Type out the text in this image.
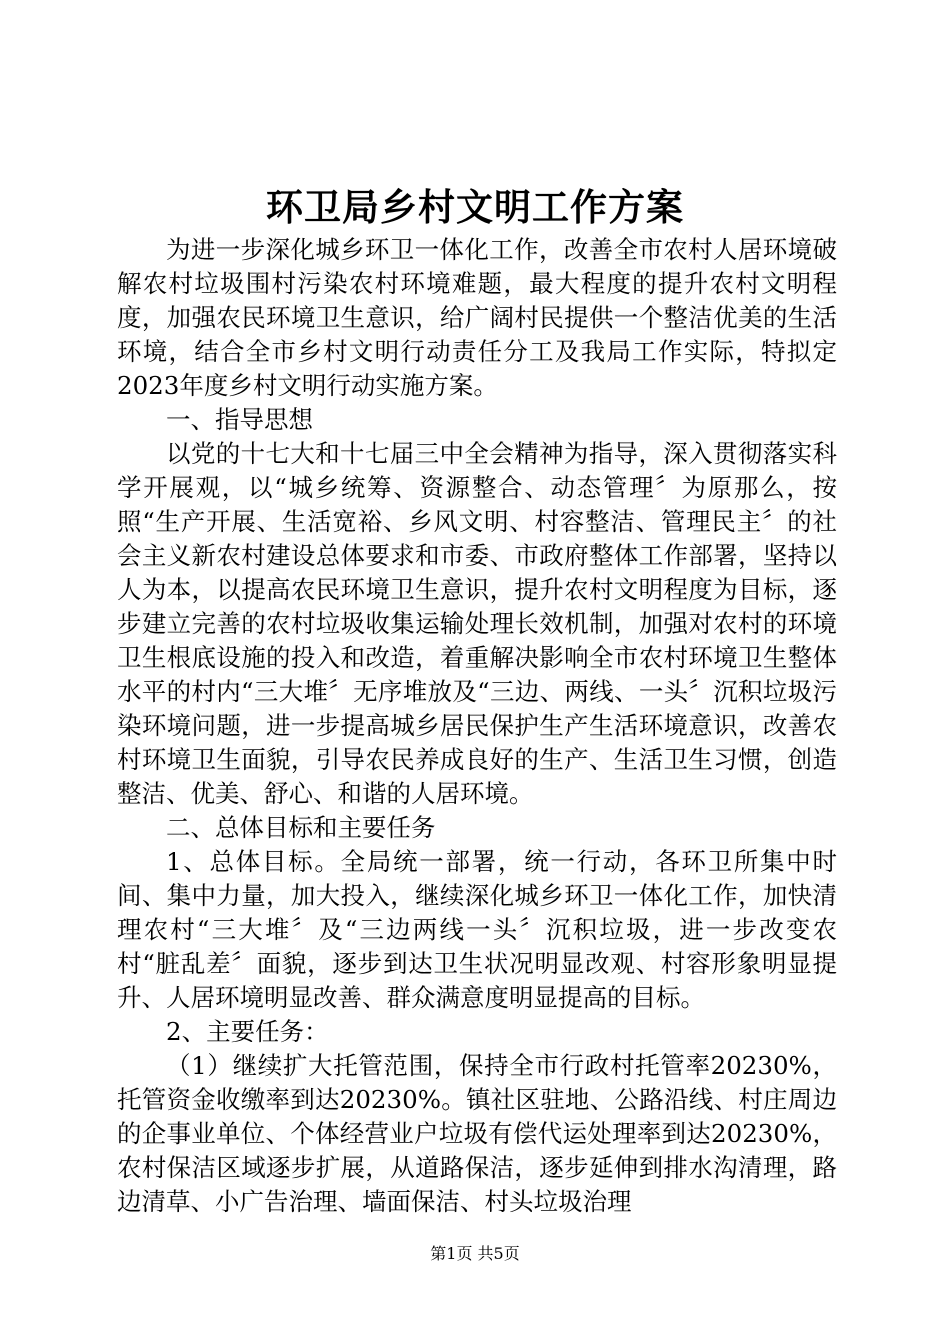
环卫局乡村文明工作方案

为进一步深化城乡环卫一体化工作，改善全市农村人居环境破解农村垃圾围村污染农村环境难题，最大程度的提升农村文明程度，加强农民环境卫生意识，给广阔村民提供一个整洁优美的生活环境，结合全市乡村文明行动责任分工及我局工作实际，特拟定2023年度乡村文明行动实施方案。

一、指导思想

以党的十七大和十七届三中全会精神为指导，深入贯彻落实科学开展观，以“城乡统筹、资源整合、动态管理〞为原那么，按照“生产开展、生活宽裕、乡风文明、村容整洁、管理民主〞的社会主义新农村建设总体要求和市委、市政府整体工作部署，坚持以人为本，以提高农民环境卫生意识，提升农村文明程度为目标，逐步建立完善的农村垃圾收集运输处理长效机制，加强对农村的环境卫生根底设施的投入和改造，着重解决影响全市农村环境卫生整体水平的村内“三大堆〞无序堆放及“三边、两线、一头〞沉积垃圾污染环境问题，进一步提高城乡居民保护生产生活环境意识，改善农村环境卫生面貌，引导农民养成良好的生产、生活卫生习惯，创造整洁、优美、舒心、和谐的人居环境。

二、总体目标和主要任务

1、总体目标。全局统一部署，统一行动，各环卫所集中时间、集中力量，加大投入，继续深化城乡环卫一体化工作，加快清理农村“三大堆〞及“三边两线一头〞沉积垃圾，进一步改变农村“脏乱差〞面貌，逐步到达卫生状况明显改观、村容形象明显提升、人居环境明显改善、群众满意度明显提高的目标。

2、主要任务：

（1）继续扩大托管范围，保持全市行政村托管率20230%，托管资金收缴率到达20230%。镇社区驻地、公路沿线、村庄周边的企事业单位、个体经营业户垃圾有偿代运处理率到达20230%，农村保洁区域逐步扩展，从道路保洁，逐步延伸到排水沟清理，路边清草、小广告治理、墙面保洁、村头垃圾治理

第1页 共5页
